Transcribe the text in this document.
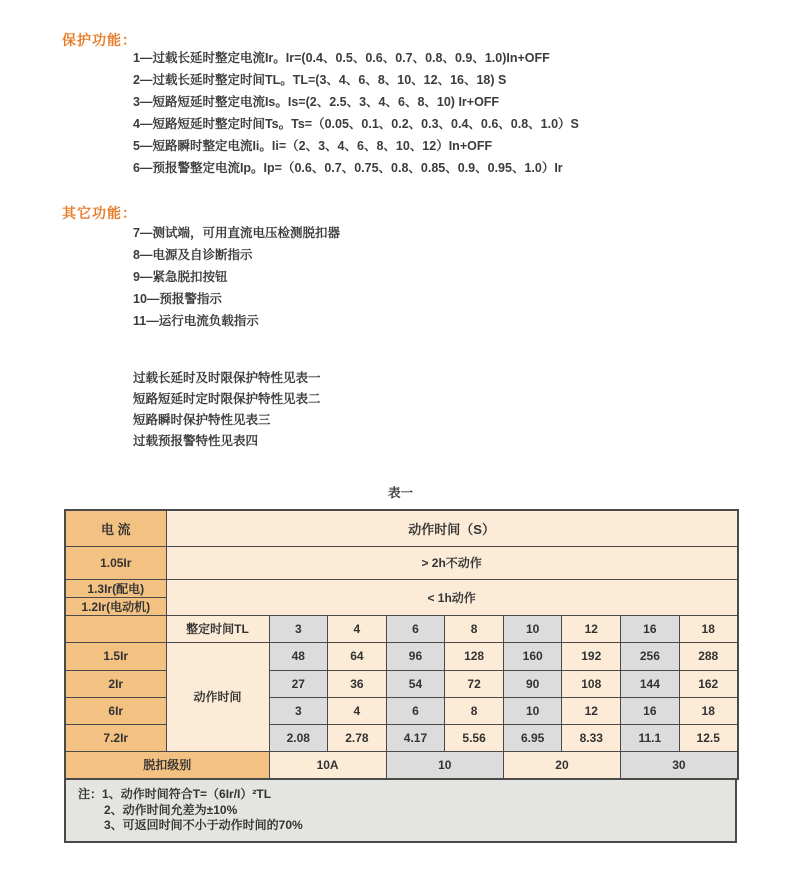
保护功能：
1—过载长延时整定电流Ir。Ir=(0.4、0.5、0.6、0.7、0.8、0.9、1.0)In+OFF
2—过载长延时整定时间TL。TL=(3、4、6、8、10、12、16、18) S
3—短路短延时整定电流Is。Is=(2、2.5、3、4、6、8、10) Ir+OFF
4—短路短延时整定时间Ts。Ts=（0.05、0.1、0.2、0.3、0.4、0.6、0.8、1.0）S
5—短路瞬时整定电流Ii。Ii=（2、3、4、6、8、10、12）In+OFF
6—预报警整定电流Ip。Ip=（0.6、0.7、0.75、0.8、0.85、0.9、0.95、1.0）Ir
其它功能：
7—测试端，可用直流电压检测脱扣器
8—电源及自诊断指示
9—紧急脱扣按钮
10—预报警指示
11—运行电流负载指示
过载长延时及时限保护特性见表一
短路短延时定时限保护特性见表二
短路瞬时保护特性见表三
过载预报警特性见表四
表一
电 流	动作时间（S）								
1.05Ir	> 2h不动作								
1.3Ir(配电)	< 1h动作								
1.2Ir(电动机)									
	整定时间TL	3	4	6	8	10	12	16	18
1.5Ir	动作时间	48	64	96	128	160	192	256	288
2Ir		27	36	54	72	90	108	144	162
6Ir		3	4	6	8	10	12	16	18
7.2Ir		2.08	2.78	4.17	5.56	6.95	8.33	11.1	12.5
脱扣级别		10A		10		20		30	
注：1、动作时间符合T=（6Ir/I）²TL
2、动作时间允差为±10%
3、可返回时间不小于动作时间的70%
